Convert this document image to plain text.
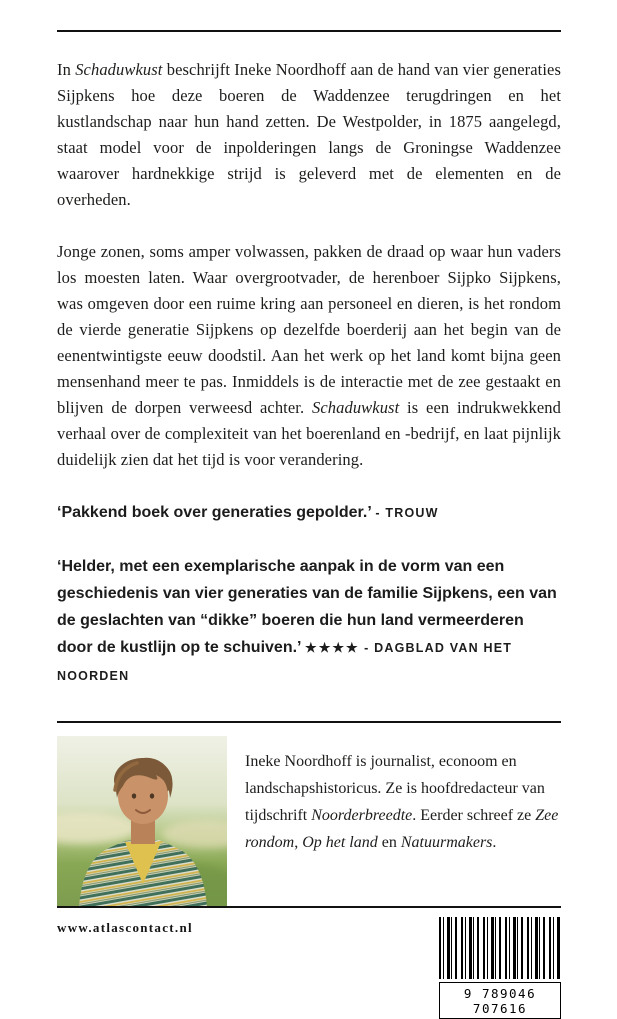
In Schaduwkust beschrijft Ineke Noordhoff aan de hand van vier generaties Sijpkens hoe deze boeren de Waddenzee terugdringen en het kustlandschap naar hun hand zetten. De Westpolder, in 1875 aangelegd, staat model voor de inpolderingen langs de Groningse Waddenzee waarover hardnekkige strijd is geleverd met de elementen en de overheden.

Jonge zonen, soms amper volwassen, pakken de draad op waar hun vaders los moesten laten. Waar overgrootvader, de herenboer Sijpko Sijpkens, was omgeven door een ruime kring aan personeel en dieren, is het rondom de vierde generatie Sijpkens op dezelfde boerderij aan het begin van de eenentwintigste eeuw doodstil. Aan het werk op het land komt bijna geen mensenhand meer te pas. Inmiddels is de interactie met de zee gestaakt en blijven de dorpen verweesd achter. Schaduwkust is een indrukwekkend verhaal over de complexiteit van het boerenland en -bedrijf, en laat pijnlijk duidelijk zien dat het tijd is voor verandering.

‘Pakkend boek over generaties gepolder.’ - TROUW

‘Helder, met een exemplarische aanpak in de vorm van een geschiedenis van vier generaties van de familie Sijpkens, een van de geslachten van “dikke” boeren die hun land vermeerderen door de kustlijn op te schuiven.’ ★★★★ - DAGBLAD VAN HET NOORDEN

Ineke Noordhoff is journalist, econoom en landschapshistoricus. Ze is hoofdredacteur van tijdschrift Noorderbreedte. Eerder schreef ze Zee rondom, Op het land en Natuurmakers.

www.atlascontact.nl
9 789046 707616
